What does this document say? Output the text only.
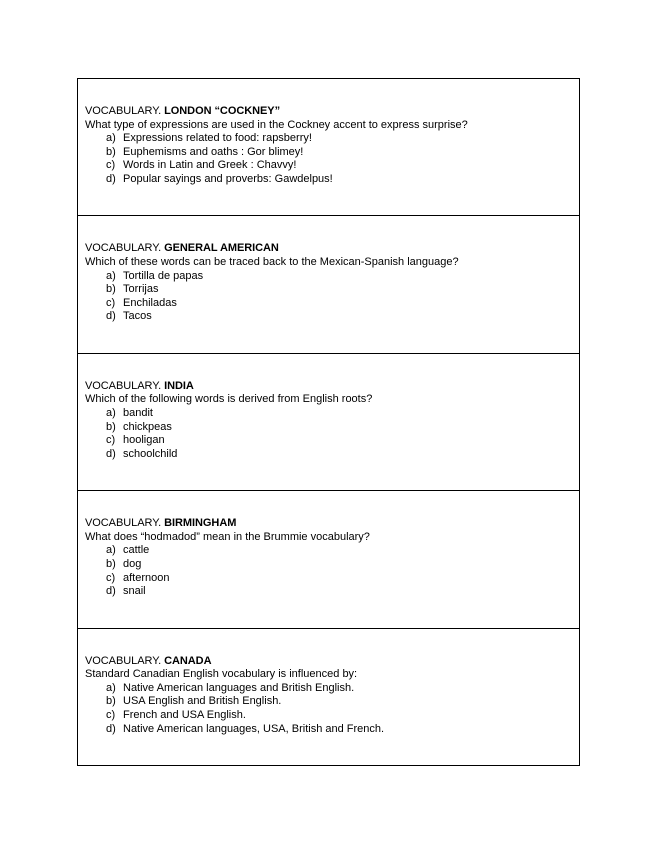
VOCABULARY. LONDON “COCKNEY”
What type of expressions are used in the Cockney accent to express surprise?
a) Expressions related to food: rapsberry!
b) Euphemisms and oaths : Gor blimey!
c) Words in Latin and Greek : Chavvy!
d) Popular sayings and proverbs: Gawdelpus!
VOCABULARY. GENERAL AMERICAN
Which of these words can be traced back to the Mexican-Spanish language?
a) Tortilla de papas
b) Torrijas
c) Enchiladas
d) Tacos
VOCABULARY. INDIA
Which of the following words is derived from English roots?
a) bandit
b) chickpeas
c) hooligan
d) schoolchild
VOCABULARY. BIRMINGHAM
What does “hodmadod” mean in the Brummie vocabulary?
a) cattle
b) dog
c) afternoon
d) snail
VOCABULARY. CANADA
Standard Canadian English vocabulary is influenced by:
a) Native American languages and British English.
b) USA English and British English.
c) French and USA English.
d) Native American languages, USA, British and French.
